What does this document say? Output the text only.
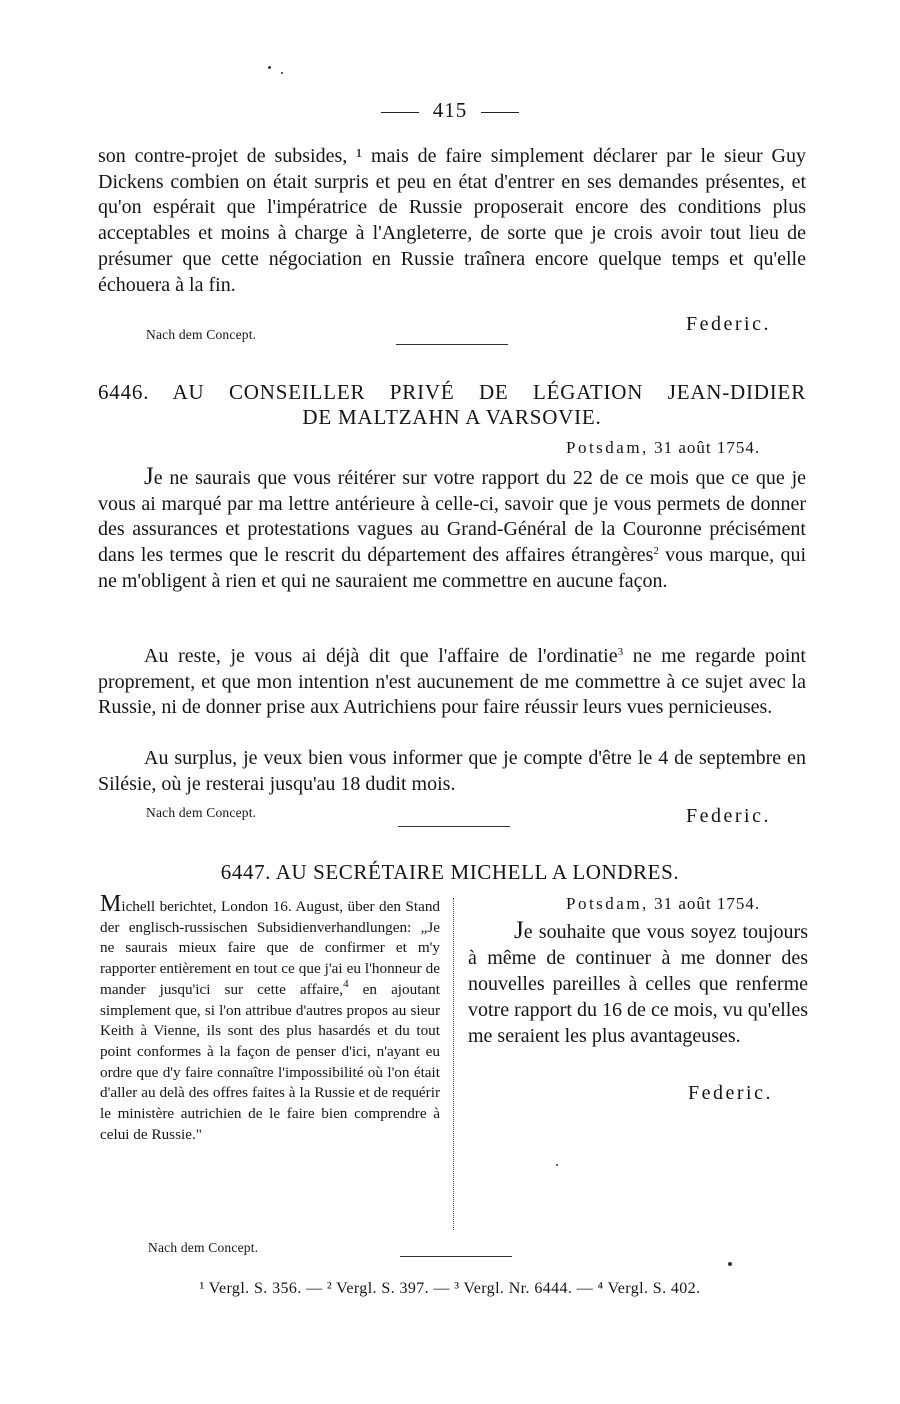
415

son contre-projet de subsides, ¹ mais de faire simplement déclarer par le sieur Guy Dickens combien on était surpris et peu en état d'entrer en ses demandes présentes, et qu'on espérait que l'impératrice de Russie proposerait encore des conditions plus acceptables et moins à charge à l'Angleterre, de sorte que je crois avoir tout lieu de présumer que cette négociation en Russie traînera encore quelque temps et qu'elle échouera à la fin.

Nach dem Concept.	Federic.
6446. AU CONSEILLER PRIVÉ DE LÉGATION JEAN-DIDIER
DE MALTZAHN A VARSOVIE.
Potsdam, 31 août 1754.

Je ne saurais que vous réitérer sur votre rapport du 22 de ce mois que ce que je vous ai marqué par ma lettre antérieure à celle-ci, savoir que je vous permets de donner des assurances et protestations vagues au Grand-Général de la Couronne précisément dans les termes que le rescrit du département des affaires étrangères$^2$ vous marque, qui ne m'obligent à rien et qui ne sauraient me commettre en aucune façon.

Au reste, je vous ai déjà dit que l'affaire de l'ordinatie$^3$ ne me regarde point proprement, et que mon intention n'est aucunement de me commettre à ce sujet avec la Russie, ni de donner prise aux Autrichiens pour faire réussir leurs vues pernicieuses.

Au surplus, je veux bien vous informer que je compte d'être le 4 de septembre en Silésie, où je resterai jusqu'au 18 dudit mois.

Nach dem Concept.	Federic.
6447. AU SECRÉTAIRE MICHELL A LONDRES.

Michell berichtet, London 16. August, über den Stand der englisch-russischen Subsidienverhandlungen: „Je ne saurais mieux faire que de confirmer et m'y rapporter entièrement en tout ce que j'ai eu l'honneur de mander jusqu'ici sur cette affaire,$^4$ en ajoutant simplement que, si l'on attribue d'autres propos au sieur Keith à Vienne, ils sont des plus hasardés et du tout point conformes à la façon de penser d'ici, n'ayant eu ordre que d'y faire connaître l'impossibilité où l'on était d'aller au delà des offres faites à la Russie et de requérir le ministère autrichien de le faire bien comprendre à celui de Russie."

Potsdam, 31 août 1754.

Je souhaite que vous soyez toujours à même de continuer à me donner des nouvelles pareilles à celles que renferme votre rapport du 16 de ce mois, vu qu'elles me seraient les plus avantageuses.

Federic.
Nach dem Concept.
¹ Vergl. S. 356. — ² Vergl. S. 397. — ³ Vergl. Nr. 6444. — ⁴ Vergl. S. 402.
